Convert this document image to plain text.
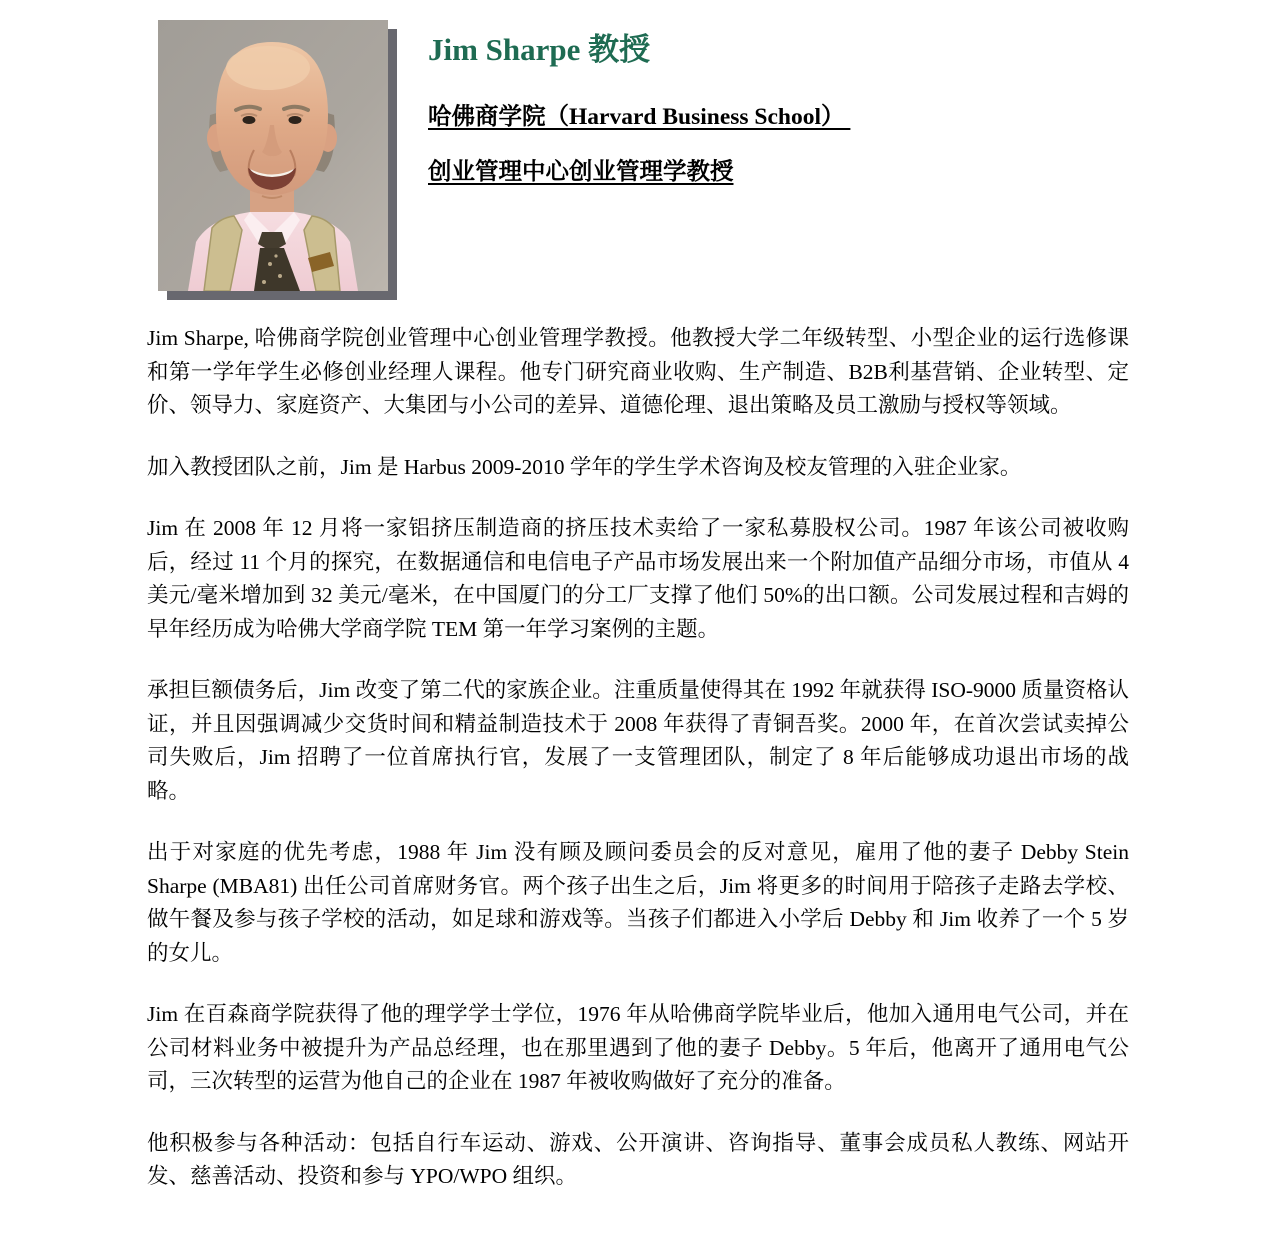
Jim Sharpe 教授
哈佛商学院（Harvard Business School）
创业管理中心创业管理学教授

Jim Sharpe, 哈佛商学院创业管理中心创业管理学教授。他教授大学二年级转型、小型企业的运行选修课和第一学年学生必修创业经理人课程。他专门研究商业收购、生产制造、B2B利基营销、企业转型、定价、领导力、家庭资产、大集团与小公司的差异、道德伦理、退出策略及员工激励与授权等领域。

加入教授团队之前，Jim 是 Harbus 2009-2010 学年的学生学术咨询及校友管理的入驻企业家。

Jim 在 2008 年 12 月将一家铝挤压制造商的挤压技术卖给了一家私募股权公司。1987 年该公司被收购后，经过 11 个月的探究，在数据通信和电信电子产品市场发展出来一个附加值产品细分市场，市值从 4 美元/毫米增加到 32 美元/毫米，在中国厦门的分工厂支撑了他们 50%的出口额。公司发展过程和吉姆的早年经历成为哈佛大学商学院 TEM 第一年学习案例的主题。

承担巨额债务后，Jim 改变了第二代的家族企业。注重质量使得其在 1992 年就获得 ISO-9000 质量资格认证，并且因强调减少交货时间和精益制造技术于 2008 年获得了青铜吾奖。2000 年，在首次尝试卖掉公司失败后，Jim 招聘了一位首席执行官，发展了一支管理团队，制定了 8 年后能够成功退出市场的战略。

出于对家庭的优先考虑，1988 年 Jim 没有顾及顾问委员会的反对意见，雇用了他的妻子 Debby Stein Sharpe (MBA81) 出任公司首席财务官。两个孩子出生之后，Jim 将更多的时间用于陪孩子走路去学校、做午餐及参与孩子学校的活动，如足球和游戏等。当孩子们都进入小学后 Debby 和 Jim 收养了一个 5 岁的女儿。

Jim 在百森商学院获得了他的理学学士学位，1976 年从哈佛商学院毕业后，他加入通用电气公司，并在公司材料业务中被提升为产品总经理，也在那里遇到了他的妻子 Debby。5 年后，他离开了通用电气公司，三次转型的运营为他自己的企业在 1987 年被收购做好了充分的准备。

他积极参与各种活动：包括自行车运动、游戏、公开演讲、咨询指导、董事会成员私人教练、网站开发、慈善活动、投资和参与 YPO/WPO 组织。
